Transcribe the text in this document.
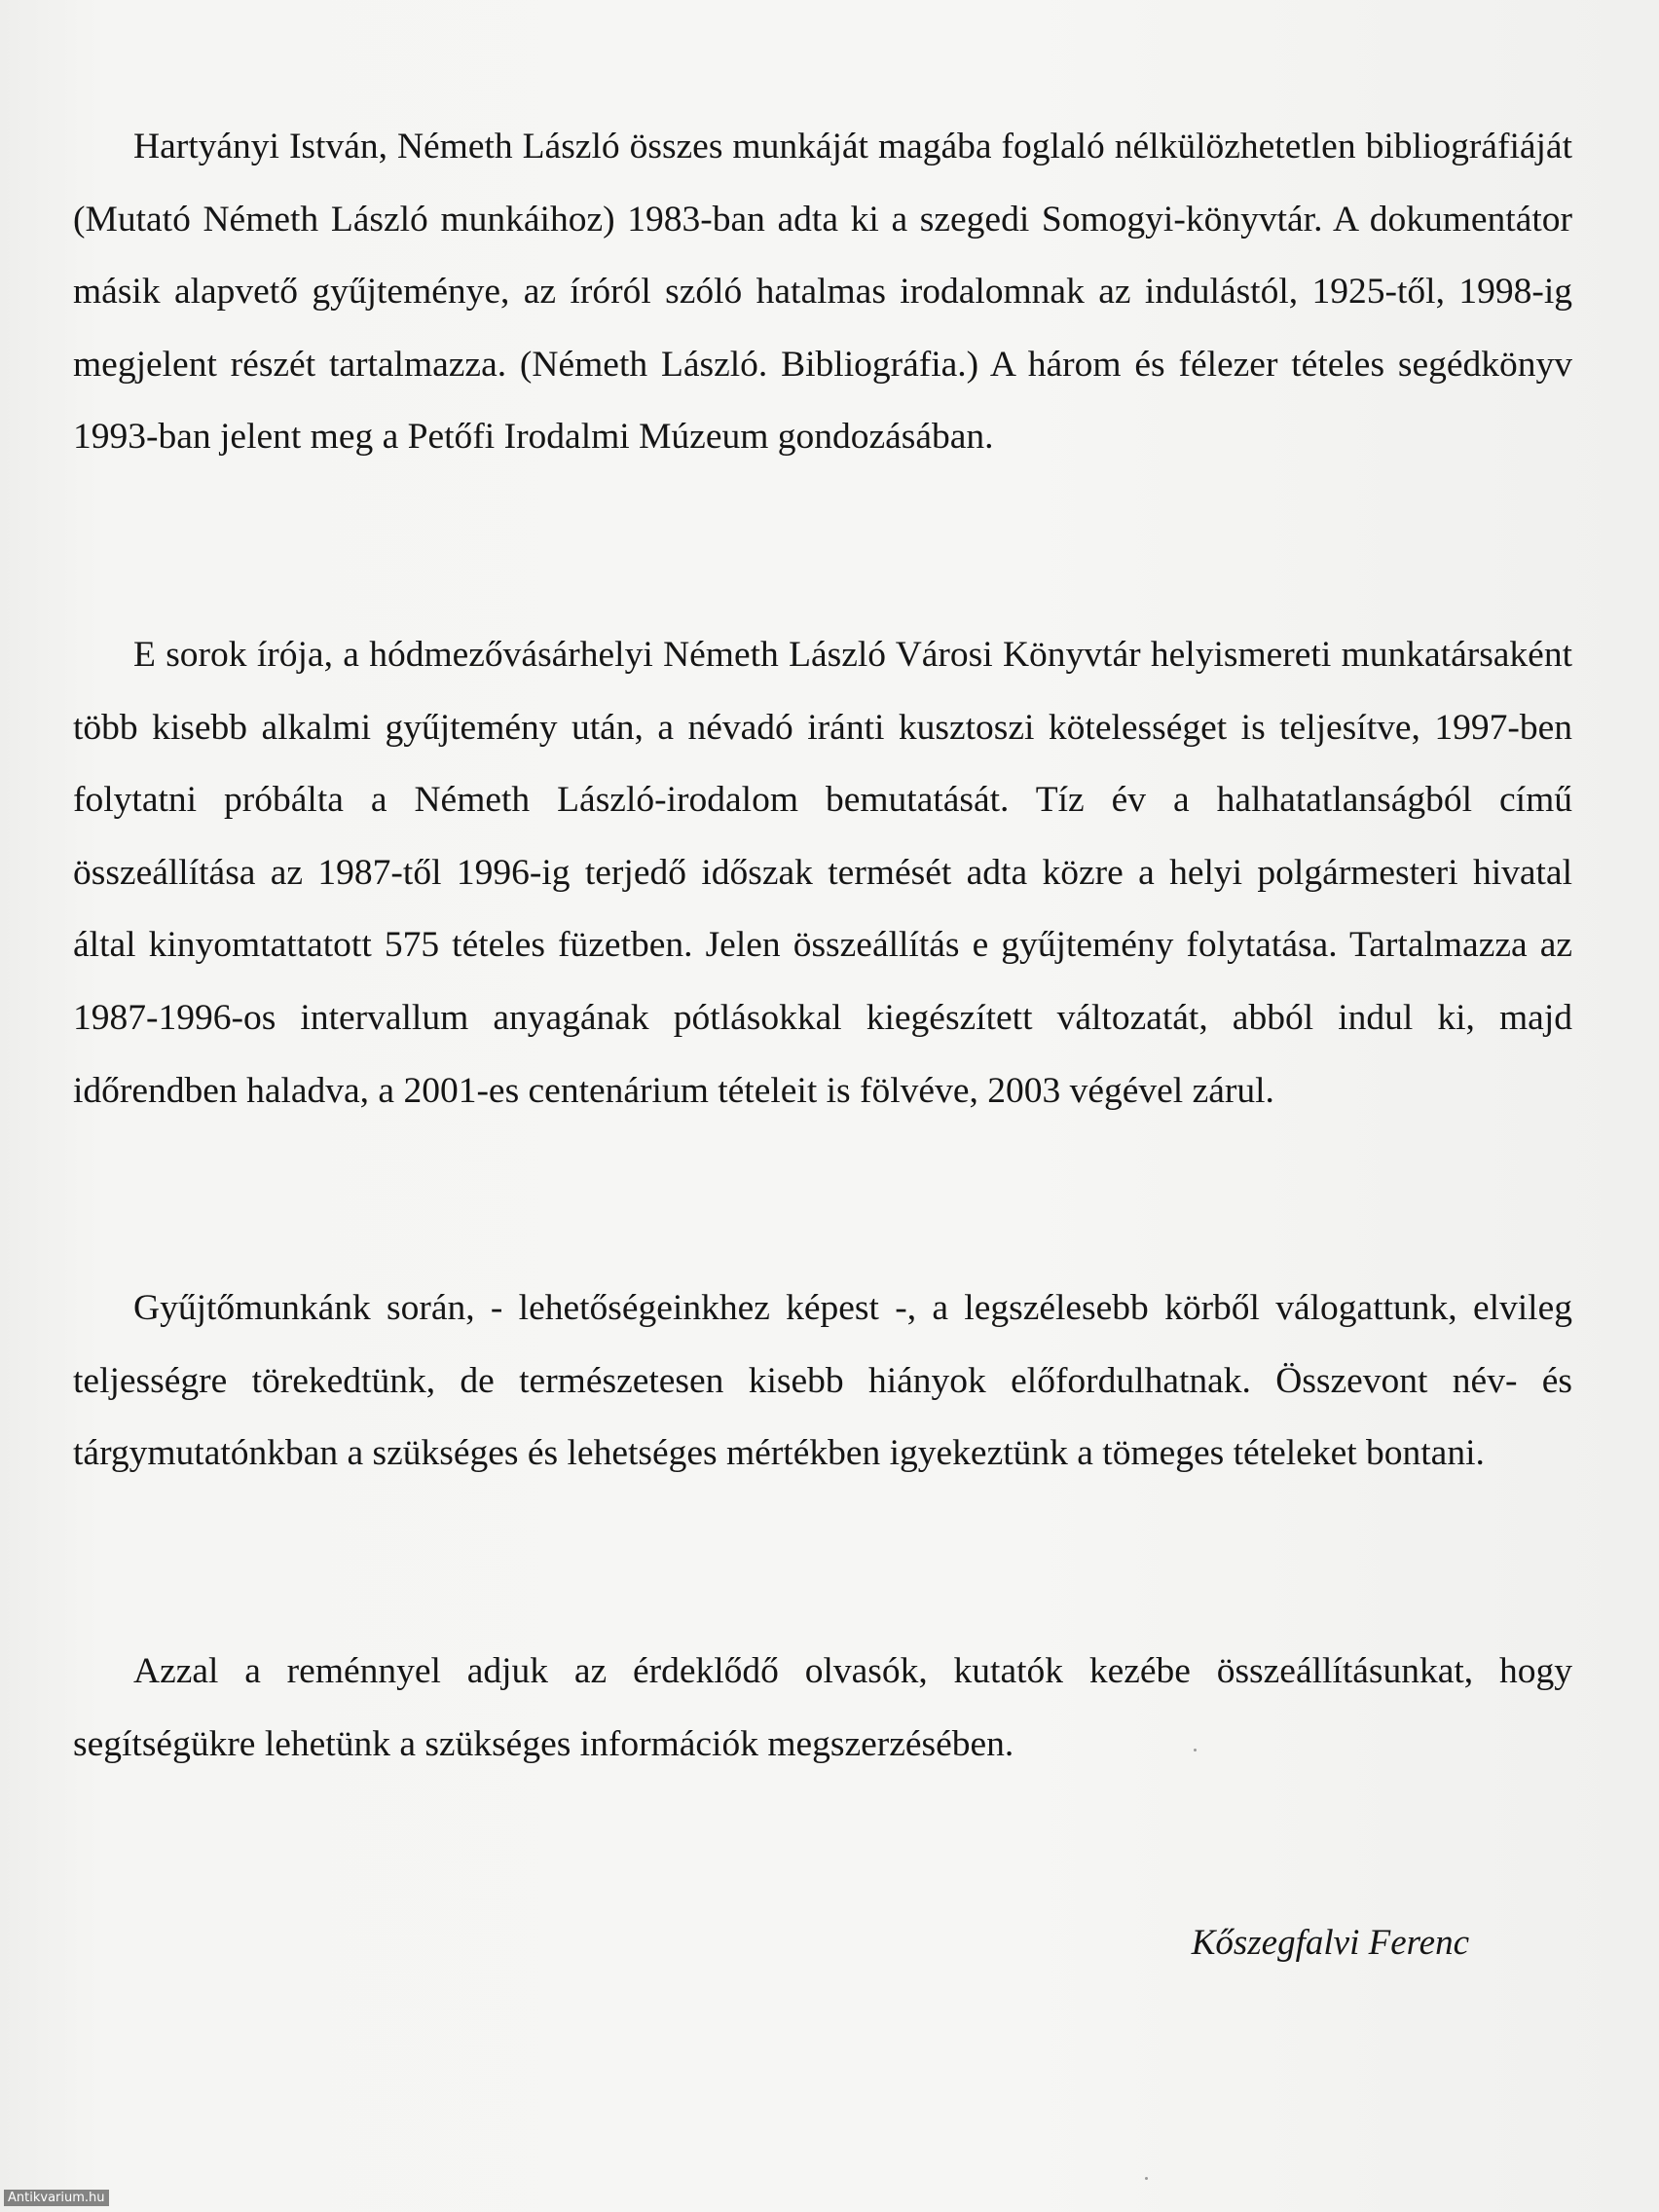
Hartyányi István, Németh László összes munkáját magába foglaló nélkülözhetetlen bibliográfiáját (Mutató Németh László munkáihoz) 1983-ban adta ki a szegedi Somogyi-könyvtár. A dokumentátor másik alapvető gyűjteménye, az íróról szóló hatalmas irodalomnak az indulástól, 1925-től, 1998-ig megjelent részét tartalmazza. (Németh László. Bibliográfia.) A három és félezer tételes segédkönyv 1993-ban jelent meg a Petőfi Irodalmi Múzeum gondozásában.

E sorok írója, a hódmezővásárhelyi Németh László Városi Könyvtár helyismereti munkatársaként több kisebb alkalmi gyűjtemény után, a névadó iránti kusztoszi kötelességet is teljesítve, 1997-ben folytatni próbálta a Németh László-irodalom bemutatását. Tíz év a halhatatlanságból című összeállítása az 1987-től 1996-ig terjedő időszak termését adta közre a helyi polgármesteri hivatal által kinyomtattatott 575 tételes füzetben. Jelen összeállítás e gyűjtemény folytatása. Tartalmazza az 1987-1996-os intervallum anyagának pótlásokkal kiegészített változatát, abból indul ki, majd időrendben haladva, a 2001-es centenárium tételeit is fölvéve, 2003 végével zárul.

Gyűjtőmunkánk során, - lehetőségeinkhez képest -, a legszélesebb körből válogattunk, elvileg teljességre törekedtünk, de természetesen kisebb hiányok előfordulhatnak. Összevont név- és tárgymutatónkban a szükséges és lehetséges mértékben igyekeztünk a tömeges tételeket bontani.

Azzal a reménnyel adjuk az érdeklődő olvasók, kutatók kezébe összeállításunkat, hogy segítségükre lehetünk a szükséges információk megszerzésében.

Kőszegfalvi Ferenc
Antikvarium.hu
